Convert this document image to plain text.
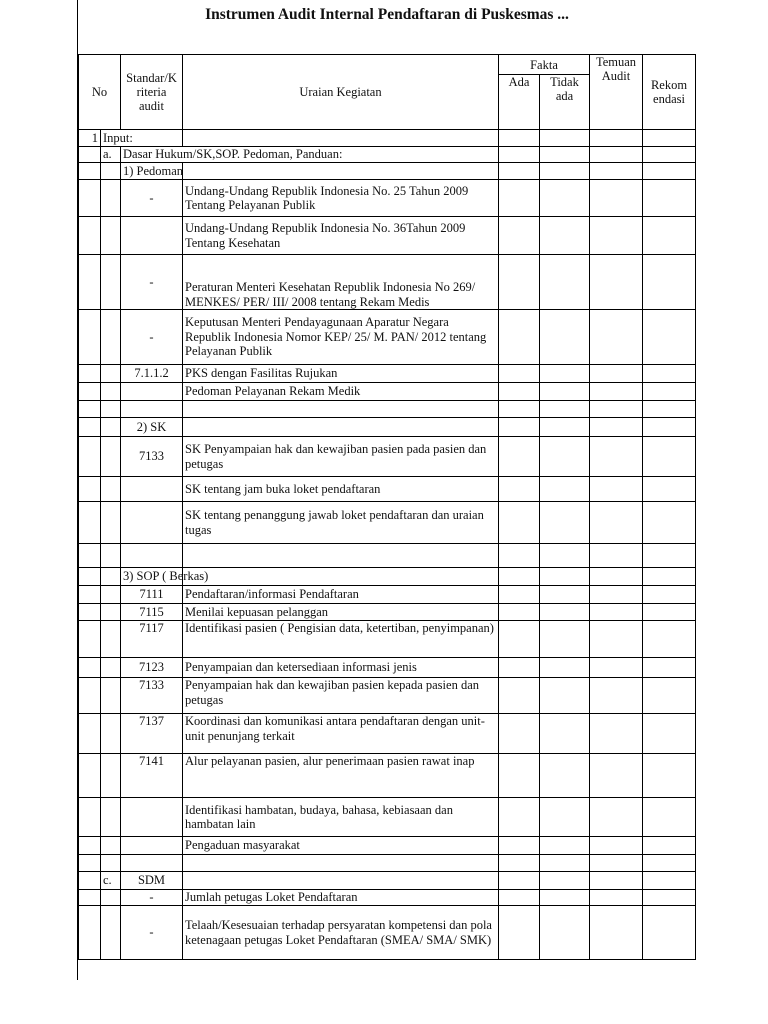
Instrumen Audit Internal Pendaftaran di Puskesmas ...
No		Standar/K riteria audit	Uraian Kegiatan	Fakta		Temuan Audit	Rekom endasi
				Ada	Tidak ada		
1	Input:						
	a.	Dasar Hukum/SK,SOP. Pedoman, Panduan:					
		1) Pedoman					
		-	Undang-Undang Republik Indonesia No. 25 Tahun 2009 Tentang Pelayanan Publik				
			Undang-Undang Republik Indonesia No. 36Tahun 2009 Tentang Kesehatan				
		-	Peraturan Menteri Kesehatan Republik Indonesia No 269/ MENKES/ PER/ III/ 2008 tentang Rekam Medis				
		-	Keputusan Menteri Pendayagunaan Aparatur Negara Republik Indonesia Nomor KEP/ 25/ M. PAN/ 2012 tentang Pelayanan Publik				
		7.1.1.2	PKS dengan Fasilitas Rujukan				
			Pedoman Pelayanan Rekam Medik				

		2) SK					
		7133	SK Penyampaian hak dan kewajiban pasien pada pasien dan petugas				
			SK tentang jam buka loket pendaftaran				
			SK tentang penanggung jawab loket pendaftaran dan uraian tugas				

		3) SOP ( Berkas)					
		7111	Pendaftaran/informasi Pendaftaran				
		7115	Menilai kepuasan pelanggan				
		7117	Identifikasi pasien ( Pengisian data, ketertiban, penyimpanan)				
		7123	Penyampaian dan ketersediaan informasi jenis				
		7133	Penyampaian hak dan kewajiban pasien kepada pasien dan petugas				
		7137	Koordinasi dan komunikasi antara pendaftaran dengan unit-unit penunjang terkait				
		7141	Alur pelayanan pasien, alur penerimaan pasien rawat inap				
			Identifikasi hambatan, budaya, bahasa, kebiasaan dan hambatan lain				
			Pengaduan masyarakat				

	c.	SDM					
		-	Jumlah petugas Loket Pendaftaran				
		-	Telaah/Kesesuaian terhadap persyaratan kompetensi dan pola ketenagaan petugas Loket Pendaftaran (SMEA/ SMA/ SMK)				
